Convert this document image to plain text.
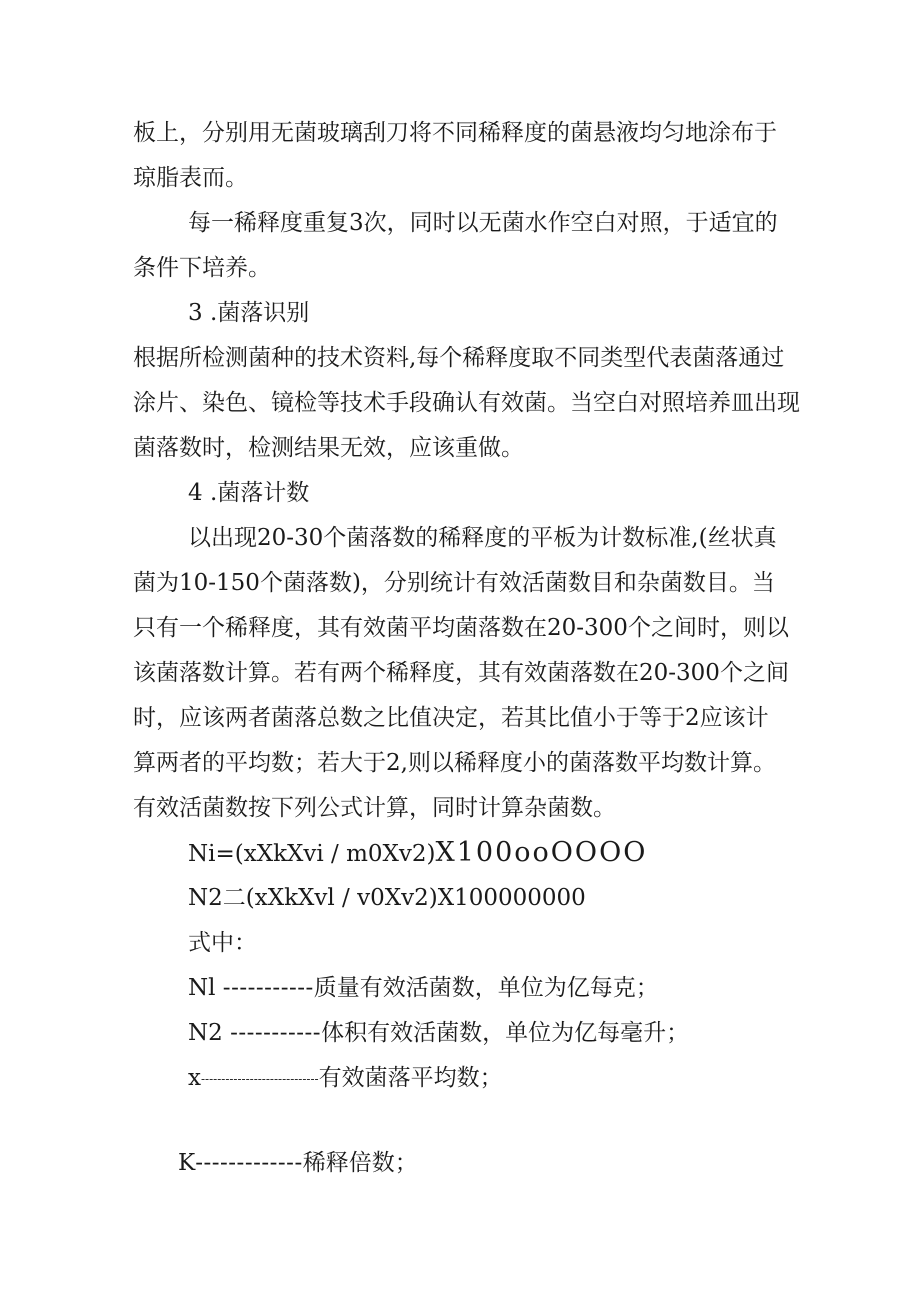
板上，分别用无菌玻璃刮刀将不同稀释度的菌悬液均匀地涂布于

琼脂表而。

每一稀释度重复3次，同时以无菌水作空白对照，于适宜的

条件下培养。

3 .菌落识别

根据所检测菌种的技术资料,每个稀释度取不同类型代表菌落通过

涂片、染色、镜检等技术手段确认有效菌。当空白对照培养皿出现

菌落数时，检测结果无效，应该重做。

4 .菌落计数

以出现20-30个菌落数的稀释度的平板为计数标准,(丝状真

菌为10-150个菌落数)，分别统计有效活菌数目和杂菌数目。当

只有一个稀释度，其有效菌平均菌落数在20-300个之间时，则以

该菌落数计算。若有两个稀释度，其有效菌落数在20-300个之间

时，应该两者菌落总数之比值决定，若其比值小于等于2应该计

算两者的平均数；若大于2,则以稀释度小的菌落数平均数计算。

有效活菌数按下列公式计算，同时计算杂菌数。

Ni=(xXkXvi / m0Xv2)X100ooOOOO

N2二(xXkXvl / v0Xv2)X100000000

式中：

Nl -----------质量有效活菌数，单位为亿每克；

N2 -----------体积有效活菌数，单位为亿每毫升；

x-----------------------------有效菌落平均数；

K-------------稀释倍数；
